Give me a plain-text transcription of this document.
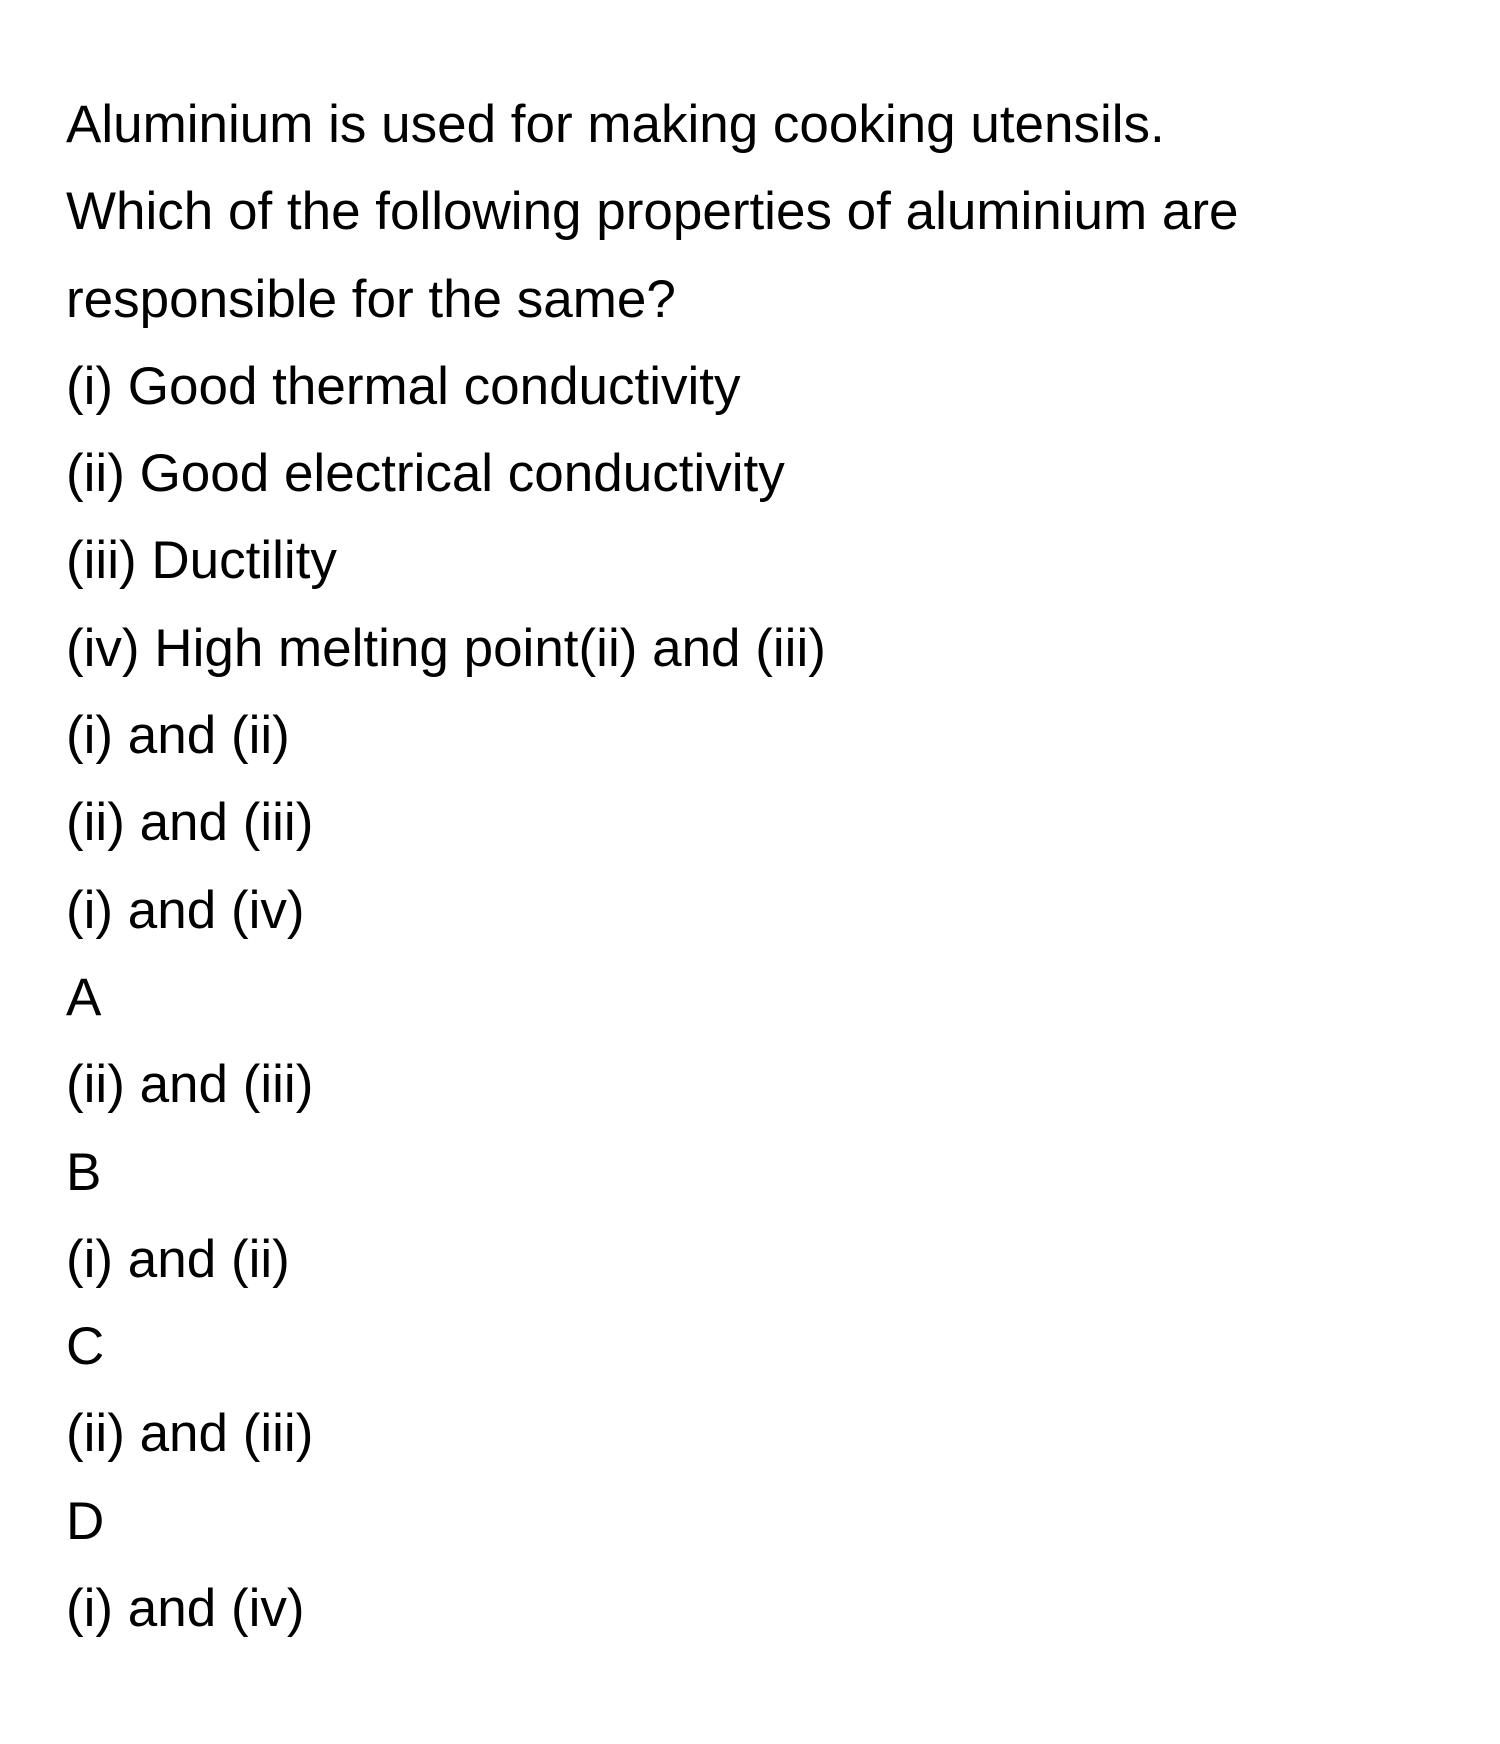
Aluminium is used for making cooking utensils.
Which of the following properties of aluminium are
responsible for the same?
(i) Good thermal conductivity
(ii) Good electrical conductivity
(iii) Ductility
(iv) High melting point(ii) and (iii)
(i) and (ii)
(ii) and (iii)
(i) and (iv)
A
(ii) and (iii)
B
(i) and (ii)
C
(ii) and (iii)
D
(i) and (iv)
